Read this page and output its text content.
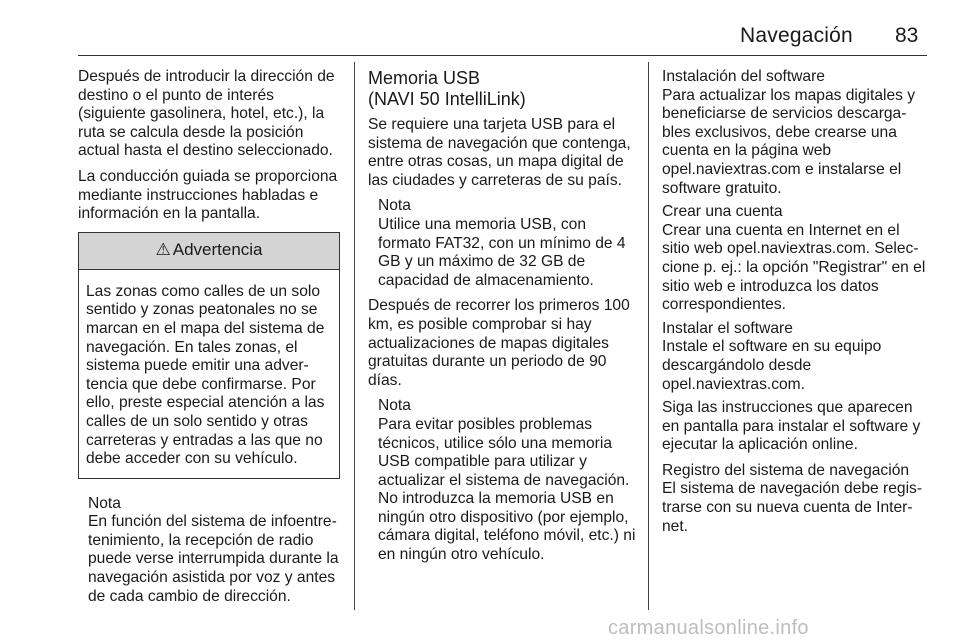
Navegación 83

Después de introducir la dirección de destino o el punto de interés (siguiente gasolinera, hotel, etc.), la ruta se calcula desde la posición actual hasta el destino seleccionado.

La conducción guiada se proporciona mediante instrucciones habladas e información en la pantalla.

⚠ Advertencia
Las zonas como calles de un solo sentido y zonas peatonales no se marcan en el mapa del sistema de navegación. En tales zonas, el sistema puede emitir una adver‑ tencia que debe confirmarse. Por ello, preste especial atención a las calles de un solo sentido y otras carreteras y entradas a las que no debe acceder con su vehículo.
Nota
En función del sistema de infoentre‑ tenimiento, la recepción de radio puede verse interrumpida durante la navegación asistida por voz y antes de cada cambio de dirección.
Memoria USB
(NAVI 50 IntelliLink)

Se requiere una tarjeta USB para el sistema de navegación que contenga, entre otras cosas, un mapa digital de las ciudades y carreteras de su país.

Nota
Utilice una memoria USB, con formato FAT32, con un mínimo de 4 GB y un máximo de 32 GB de capacidad de almacenamiento.

Después de recorrer los primeros 100 km, es posible comprobar si hay actualizaciones de mapas digitales gratuitas durante un periodo de 90 días.

Nota
Para evitar posibles problemas técnicos, utilice sólo una memoria USB compatible para utilizar y actualizar el sistema de navegación. No introduzca la memoria USB en ningún otro dispositivo (por ejemplo, cámara digital, teléfono móvil, etc.) ni en ningún otro vehículo.
Instalación del software
Para actualizar los mapas digitales y beneficiarse de servicios descarga‑ bles exclusivos, debe crearse una cuenta en la página web opel.naviextras.com e instalarse el software gratuito.
Crear una cuenta
Crear una cuenta en Internet en el sitio web opel.naviextras.com. Selec‑ cione p. ej.: la opción "Registrar" en el sitio web e introduzca los datos correspondientes.
Instalar el software
Instale el software en su equipo descargándolo desde opel.naviextras.com.

Siga las instrucciones que aparecen en pantalla para instalar el software y ejecutar la aplicación online.

Registro del sistema de navegación
El sistema de navegación debe regis‑ trarse con su nueva cuenta de Inter‑ net.
carmanualsonline.info
